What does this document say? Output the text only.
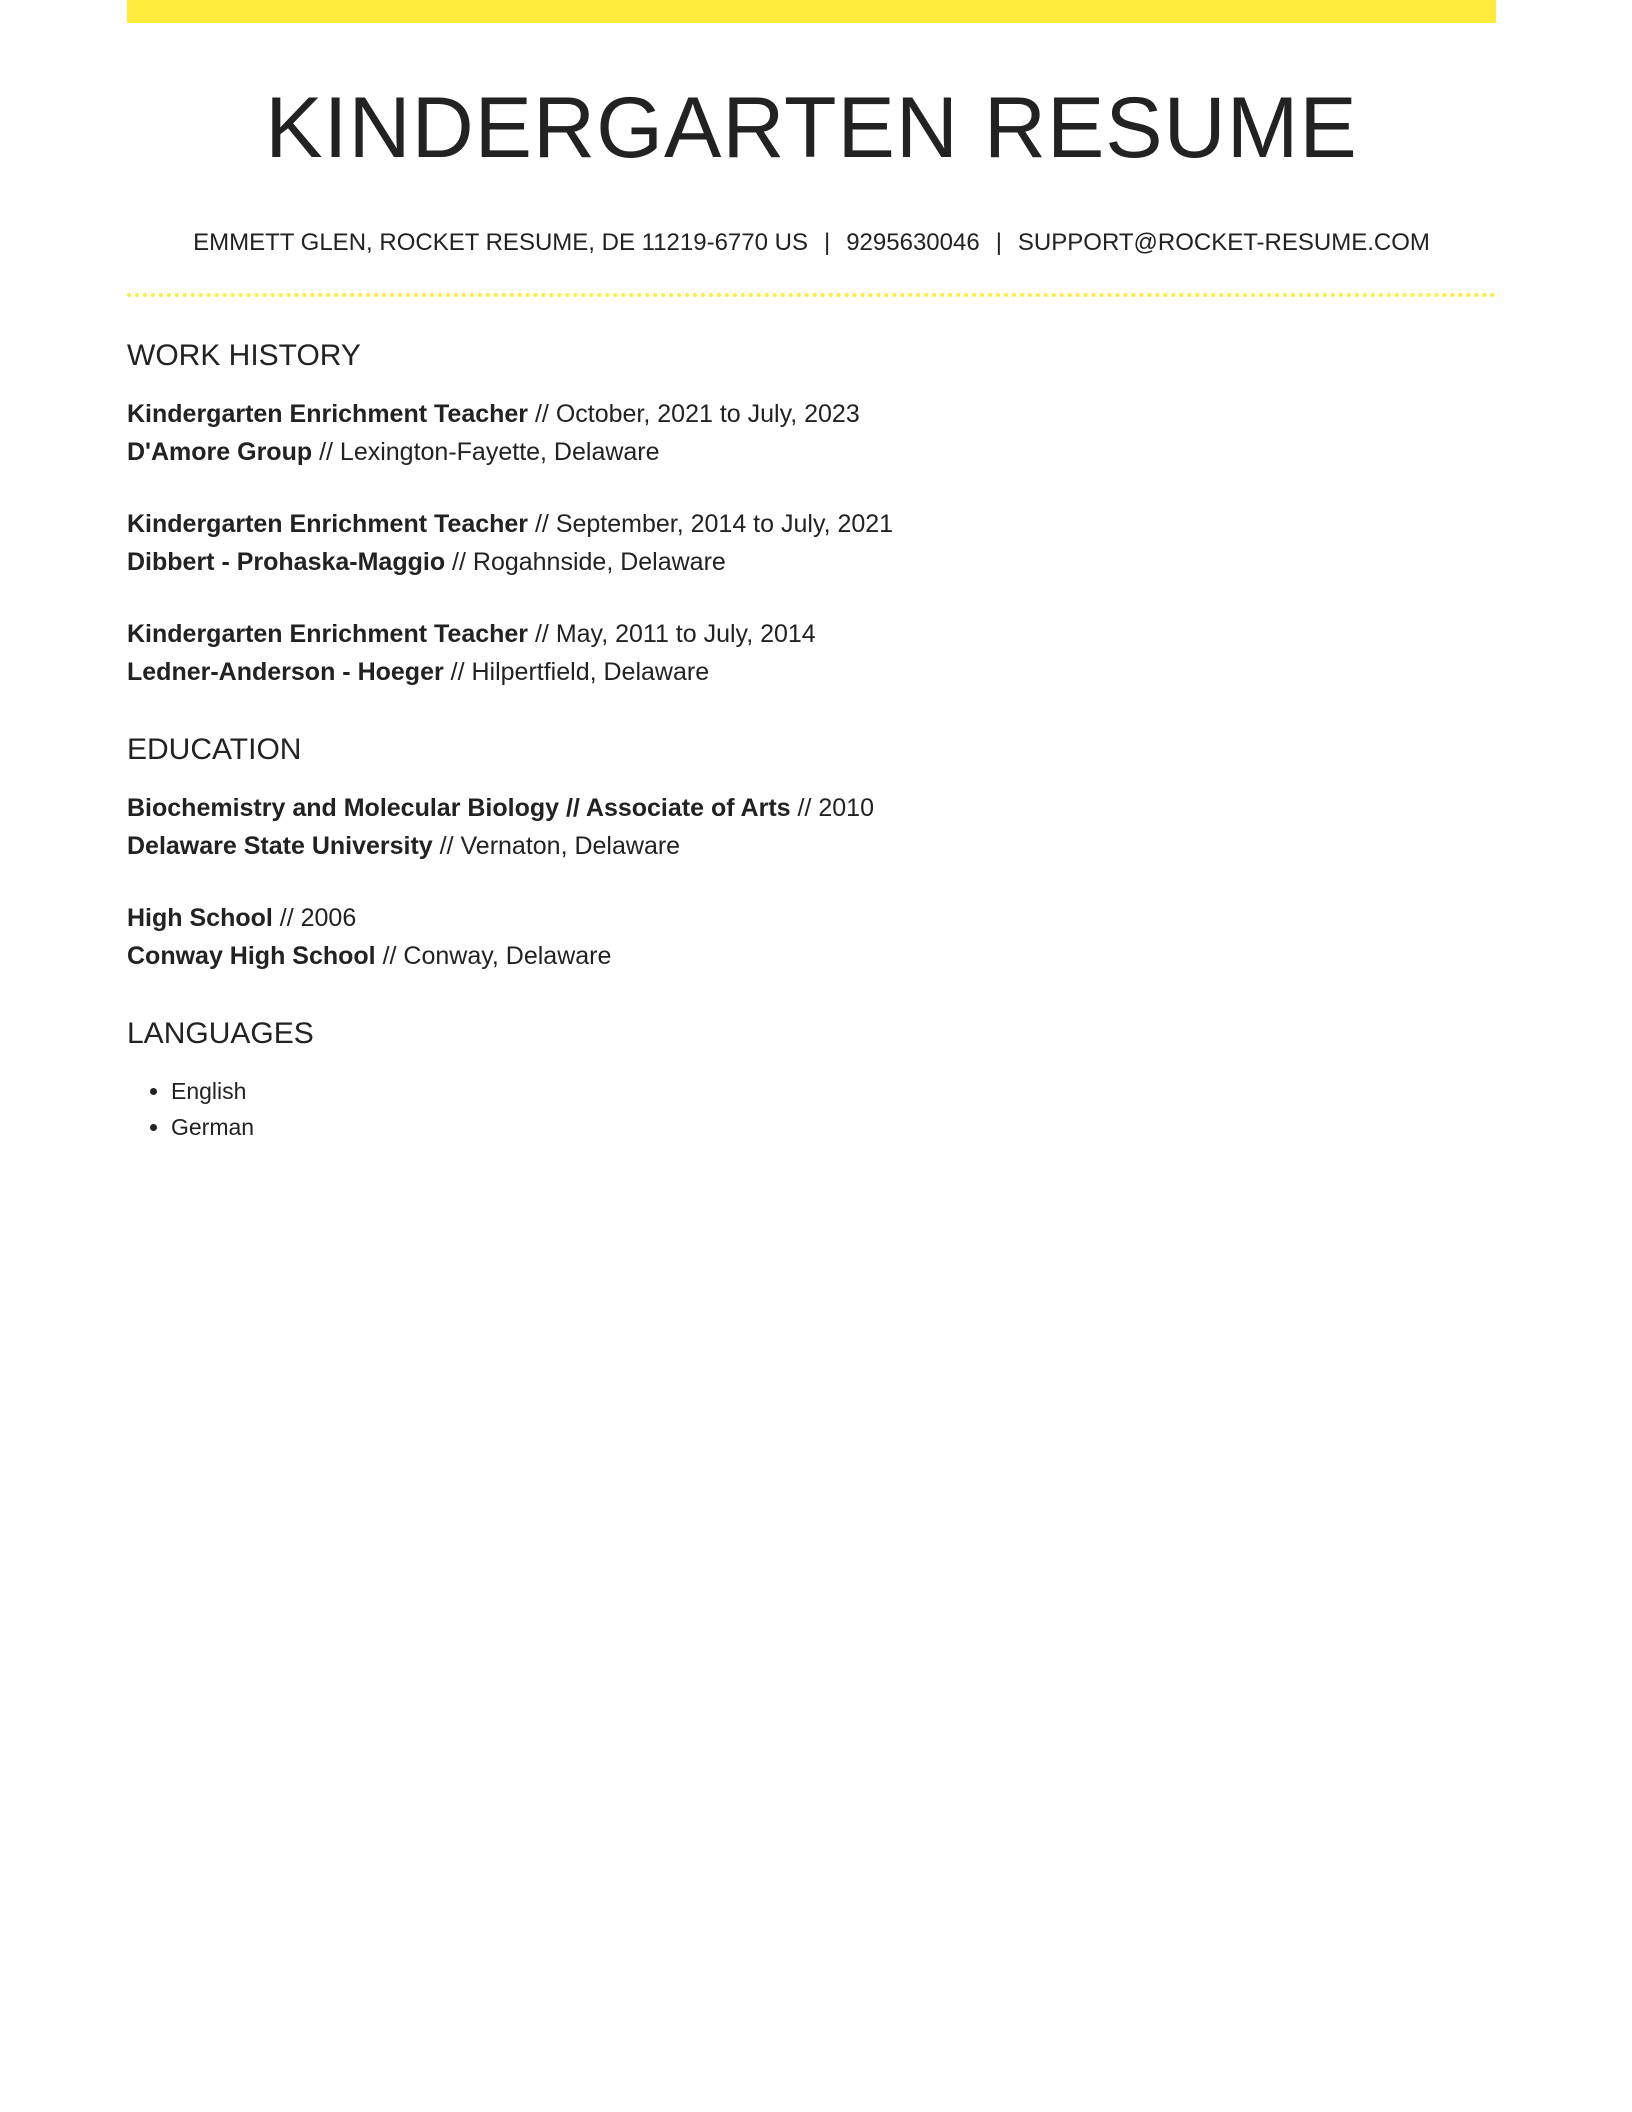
KINDERGARTEN RESUME
EMMETT GLEN, ROCKET RESUME, DE 11219-6770 US | 9295630046 | SUPPORT@ROCKET-RESUME.COM
WORK HISTORY
Kindergarten Enrichment Teacher // October, 2021 to July, 2023
D'Amore Group // Lexington-Fayette, Delaware
Kindergarten Enrichment Teacher // September, 2014 to July, 2021
Dibbert - Prohaska-Maggio // Rogahnside, Delaware
Kindergarten Enrichment Teacher // May, 2011 to July, 2014
Ledner-Anderson - Hoeger // Hilpertfield, Delaware
EDUCATION
Biochemistry and Molecular Biology // Associate of Arts // 2010
Delaware State University // Vernaton, Delaware
High School // 2006
Conway High School // Conway, Delaware
LANGUAGES
• English
• German
